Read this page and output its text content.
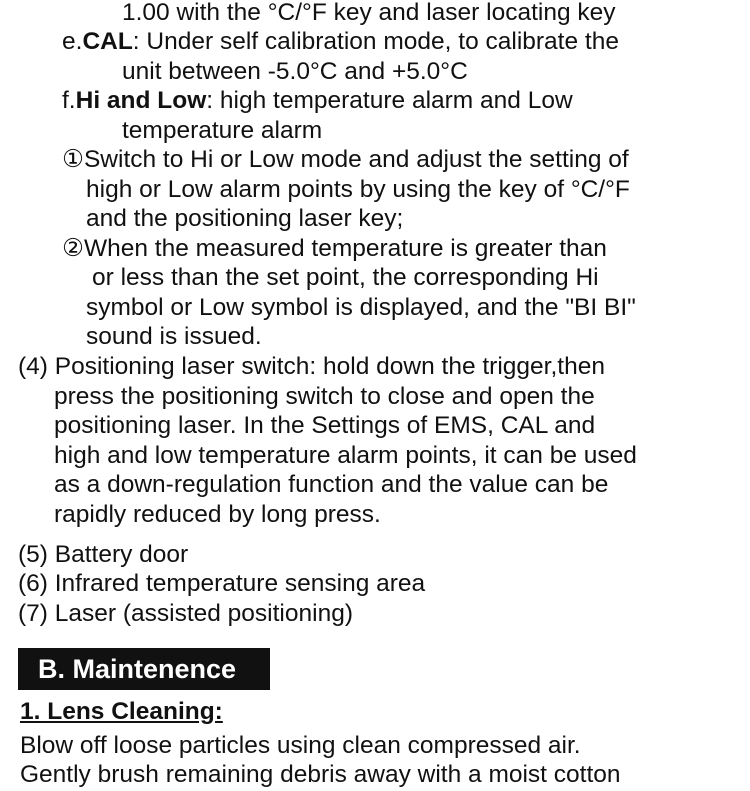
1.00 with the °C/°F key and laser locating key
e.CAL: Under self calibration mode, to calibrate the
unit between -5.0°C and +5.0°C
f.Hi and Low: high temperature alarm and Low
temperature alarm
①Switch to Hi or Low mode and adjust the setting of
high or Low alarm points by using the key of °C/°F
and the positioning laser key;
②When the measured temperature is greater than
or less than the set point, the corresponding Hi
symbol or Low symbol is displayed, and the "BI BI"
sound is issued.
(4) Positioning laser switch: hold down the trigger,then
press the positioning switch to close and open the
positioning laser. In the Settings of EMS, CAL and
high and low temperature alarm points, it can be used
as a down-regulation function and the value can be
rapidly reduced by long press.
(5) Battery door
(6) Infrared temperature sensing area
(7) Laser (assisted positioning)
B. Maintenence
1. Lens Cleaning:
Blow off loose particles using clean compressed air.
Gently brush remaining debris away with a moist cotton
